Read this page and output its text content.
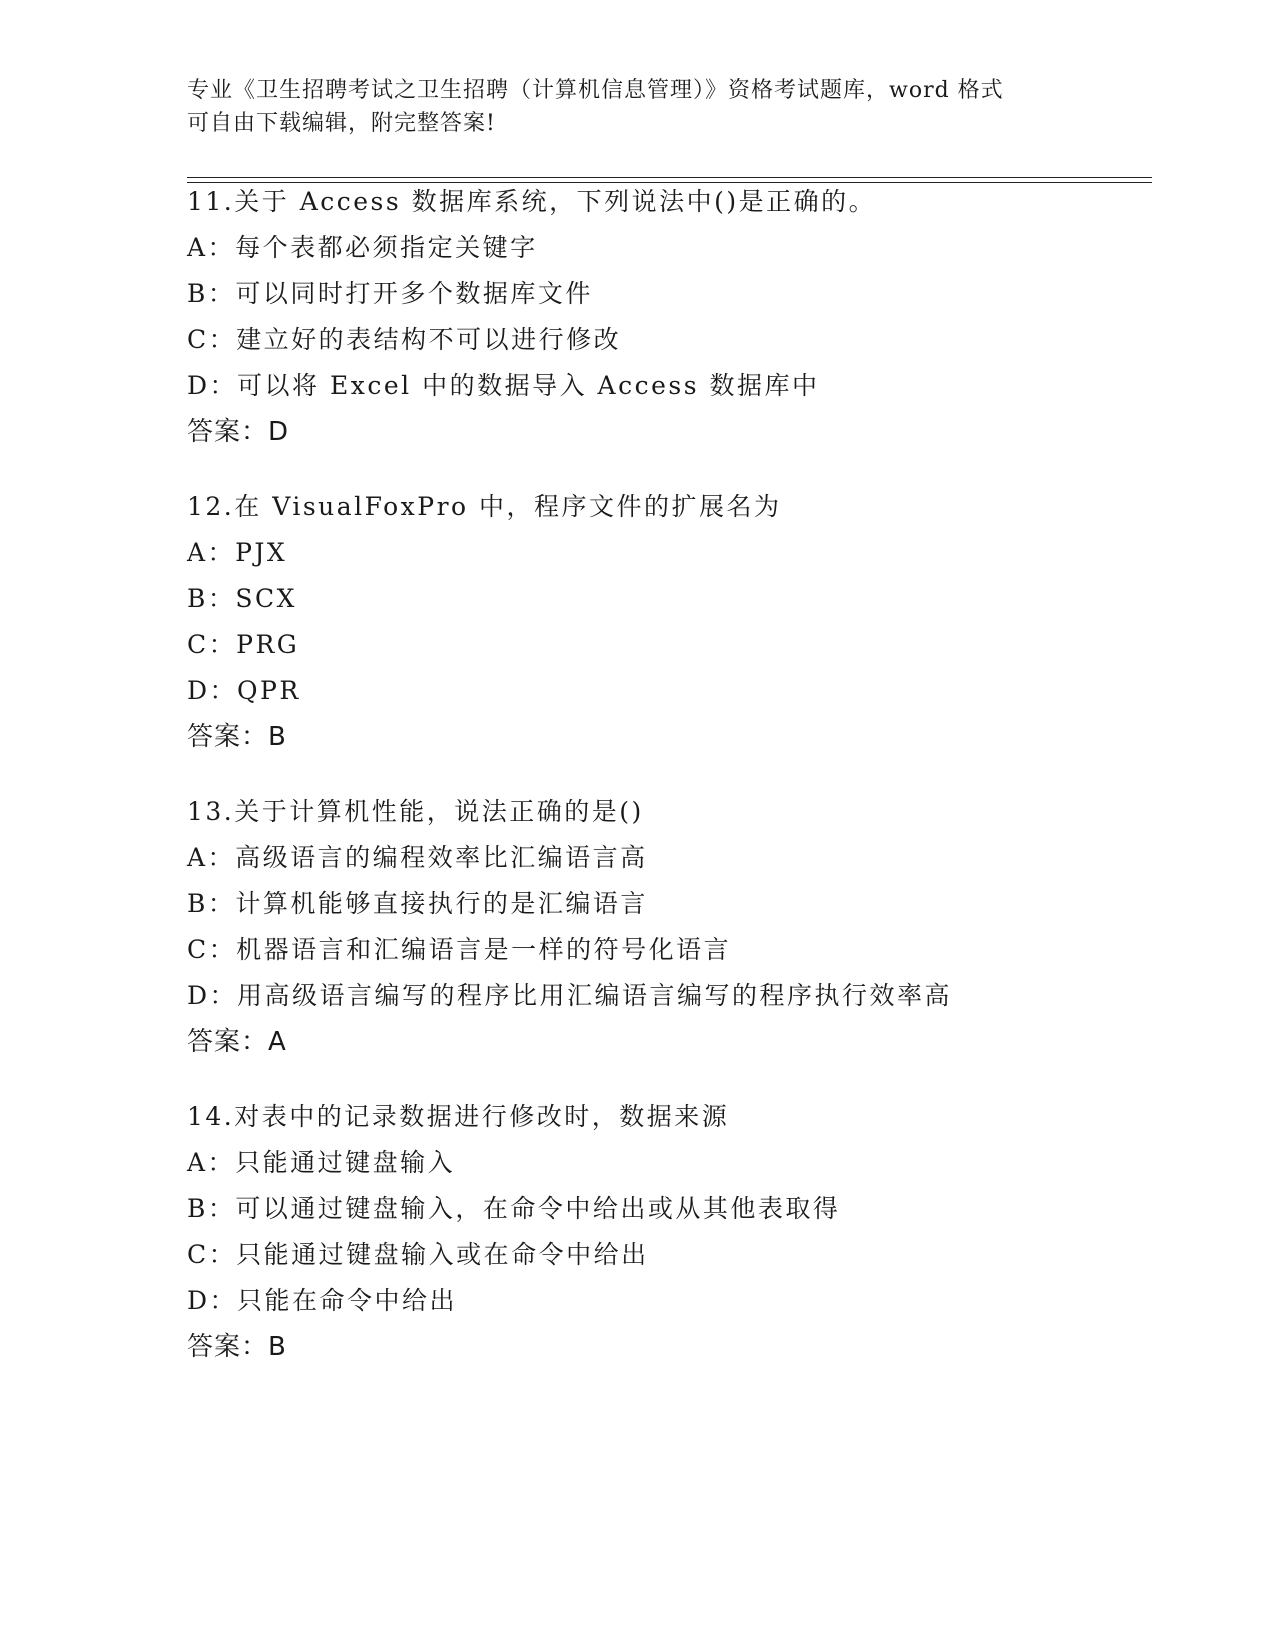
专业《卫生招聘考试之卫生招聘（计算机信息管理）》资格考试题库，word 格式
可自由下载编辑，附完整答案!
11.关于 Access 数据库系统，下列说法中()是正确的。
A：每个表都必须指定关键字
B：可以同时打开多个数据库文件
C：建立好的表结构不可以进行修改
D：可以将 Excel 中的数据导入 Access 数据库中
答案：D
12.在 VisualFoxPro 中，程序文件的扩展名为
A：PJX
B：SCX
C：PRG
D：QPR
答案：B
13.关于计算机性能，说法正确的是()
A：高级语言的编程效率比汇编语言高
B：计算机能够直接执行的是汇编语言
C：机器语言和汇编语言是一样的符号化语言
D：用高级语言编写的程序比用汇编语言编写的程序执行效率高
答案：A
14.对表中的记录数据进行修改时，数据来源
A：只能通过键盘输入
B：可以通过键盘输入，在命令中给出或从其他表取得
C：只能通过键盘输入或在命令中给出
D：只能在命令中给出
答案：B
